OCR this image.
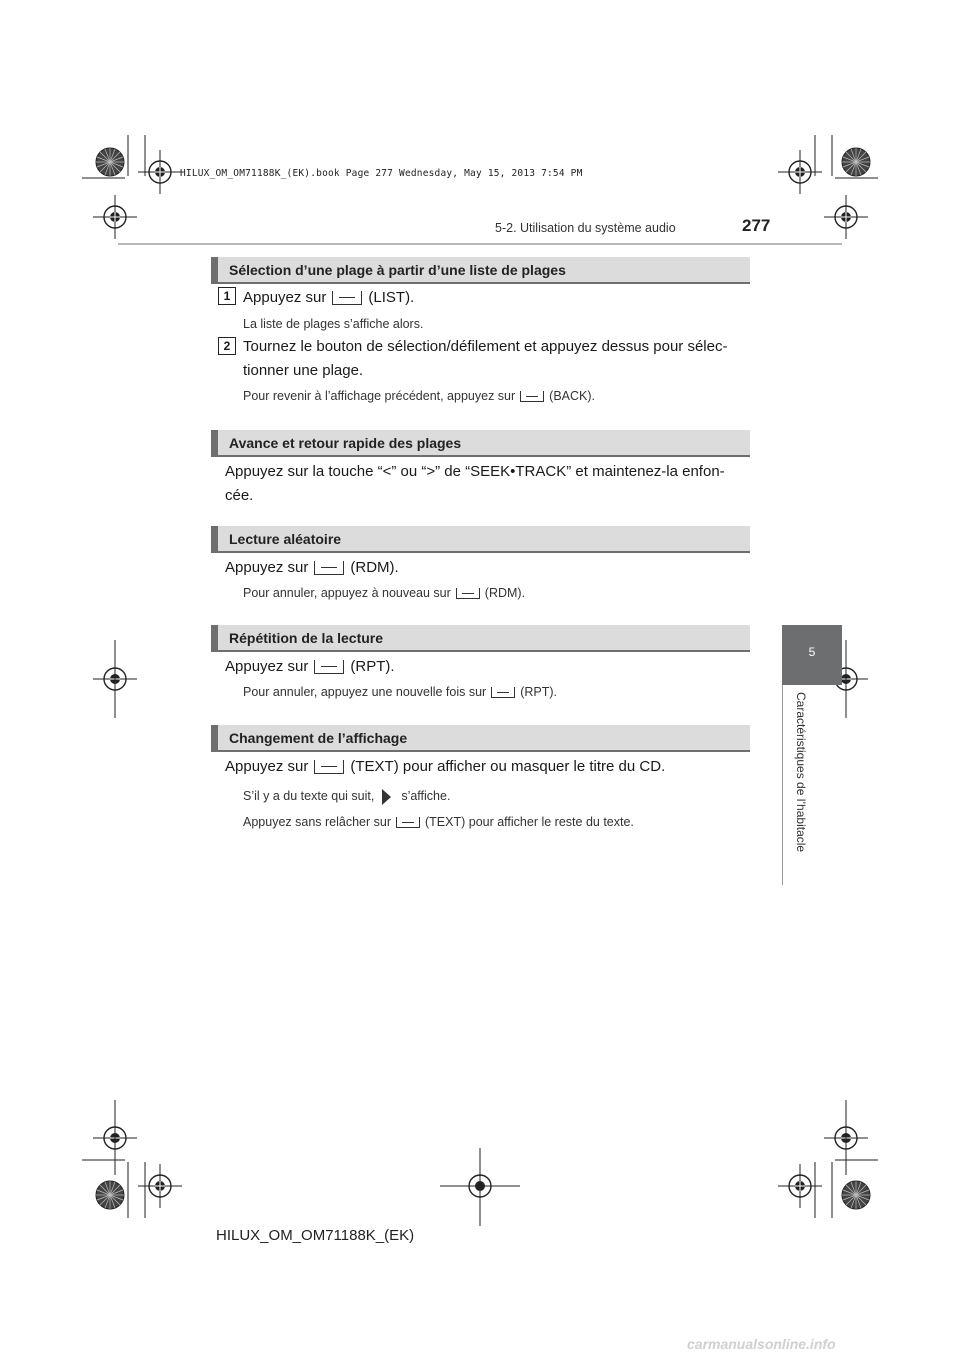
HILUX_OM_OM71188K_(EK).book Page 277 Wednesday, May 15, 2013 7:54 PM
5-2. Utilisation du système audio	277
5
Caractéristiques de l’habitacle
Sélection d’une plage à partir d’une liste de plages
1 Appuyez sur	(LIST).
La liste de plages s’affiche alors.
2 Tournez le bouton de sélection/défilement et appuyez dessus pour sélec-
tionner une plage.
Pour revenir à l’affichage précédent, appuyez sur	(BACK).
Avance et retour rapide des plages
Appuyez sur la touche “<” ou “>” de “SEEK•TRACK” et maintenez-la enfon-
cée.
Lecture aléatoire
Appuyez sur	(RDM).
Pour annuler, appuyez à nouveau sur	(RDM).
Répétition de la lecture
Appuyez sur	(RPT).
Pour annuler, appuyez une nouvelle fois sur	(RPT).
Changement de l’affichage
Appuyez sur	(TEXT) pour afficher ou masquer le titre du CD.
S’il y a du texte qui suit, s’affiche.
Appuyez sans relâcher sur	(TEXT) pour afficher le reste du texte.
HILUX_OM_OM71188K_(EK)
carmanualsonline.info
